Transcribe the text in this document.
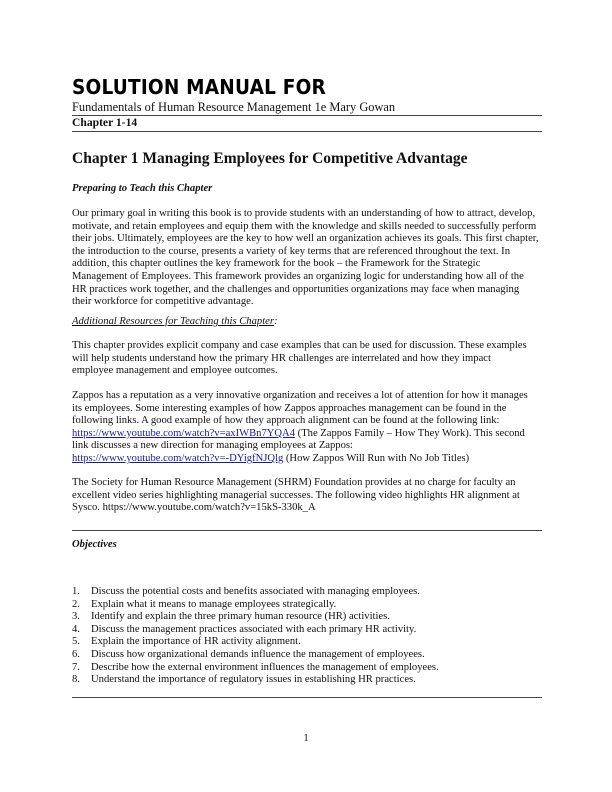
SOLUTION MANUAL FOR

Fundamentals of Human Resource Management 1e Mary Gowan

Chapter 1-14

Chapter 1 Managing Employees for Competitive Advantage

Preparing to Teach this Chapter

Our primary goal in writing this book is to provide students with an understanding of how to attract, develop,
motivate, and retain employees and equip them with the knowledge and skills needed to successfully perform
their jobs. Ultimately, employees are the key to how well an organization achieves its goals. This first chapter,
the introduction to the course, presents a variety of key terms that are referenced throughout the text. In
addition, this chapter outlines the key framework for the book – the Framework for the Strategic
Management of Employees. This framework provides an organizing logic for understanding how all of the
HR practices work together, and the challenges and opportunities organizations may face when managing
their workforce for competitive advantage.

Additional Resources for Teaching this Chapter:

This chapter provides explicit company and case examples that can be used for discussion. These examples
will help students understand how the primary HR challenges are interrelated and how they impact
employee management and employee outcomes.

Zappos has a reputation as a very innovative organization and receives a lot of attention for how it manages
its employees. Some interesting examples of how Zappos approaches management can be found in the
following links. A good example of how they approach alignment can be found at the following link:
https://www.youtube.com/watch?v=axIWBn7YQA4 (The Zappos Family – How They Work). This second
link discusses a new direction for managing employees at Zappos:
https://www.youtube.com/watch?v=-DYigfNJQlg (How Zappos Will Run with No Job Titles)

The Society for Human Resource Management (SHRM) Foundation provides at no charge for faculty an
excellent video series highlighting managerial successes. The following video highlights HR alignment at
Sysco. https://www.youtube.com/watch?v=15kS-330k_A

Objectives

1. Discuss the potential costs and benefits associated with managing employees.
2. Explain what it means to manage employees strategically.
3. Identify and explain the three primary human resource (HR) activities.
4. Discuss the management practices associated with each primary HR activity.
5. Explain the importance of HR activity alignment.
6. Discuss how organizational demands influence the management of employees.
7. Describe how the external environment influences the management of employees.
8. Understand the importance of regulatory issues in establishing HR practices.

1
